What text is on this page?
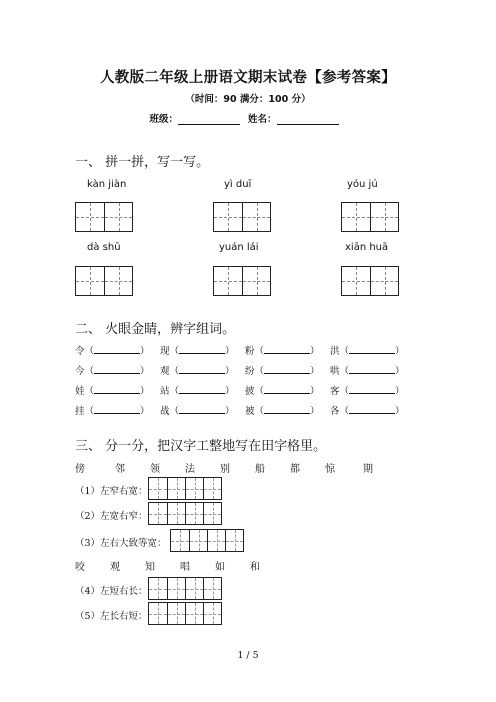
人教版二年级上册语文期末试卷【参考答案】
（时间：90 满分：100 分）
班级：	姓名：
一、 拼一拼，写一写。
kàn jiàn	yì duī	yóu jú
dà shū	yuán lái	xiān huā
二、 火眼金睛，辨字组词。
令（	） 现（	） 粉（	） 洪（	）
今（	） 观（	） 纷（	） 哄（	）
娃（	） 站（	） 披（	） 客（	）
挂（	） 战（	） 被（	） 各（	）
三、 分一分，把汉字工整地写在田字格里。
傍	邻	领	法	别	船	都	惊	期
（1）左窄右宽：
（2）左宽右窄：
（3）左右大致等宽：
咬	观	知	唱	如	和
（4）左短右长：
（5）左长右短：
1 / 5
